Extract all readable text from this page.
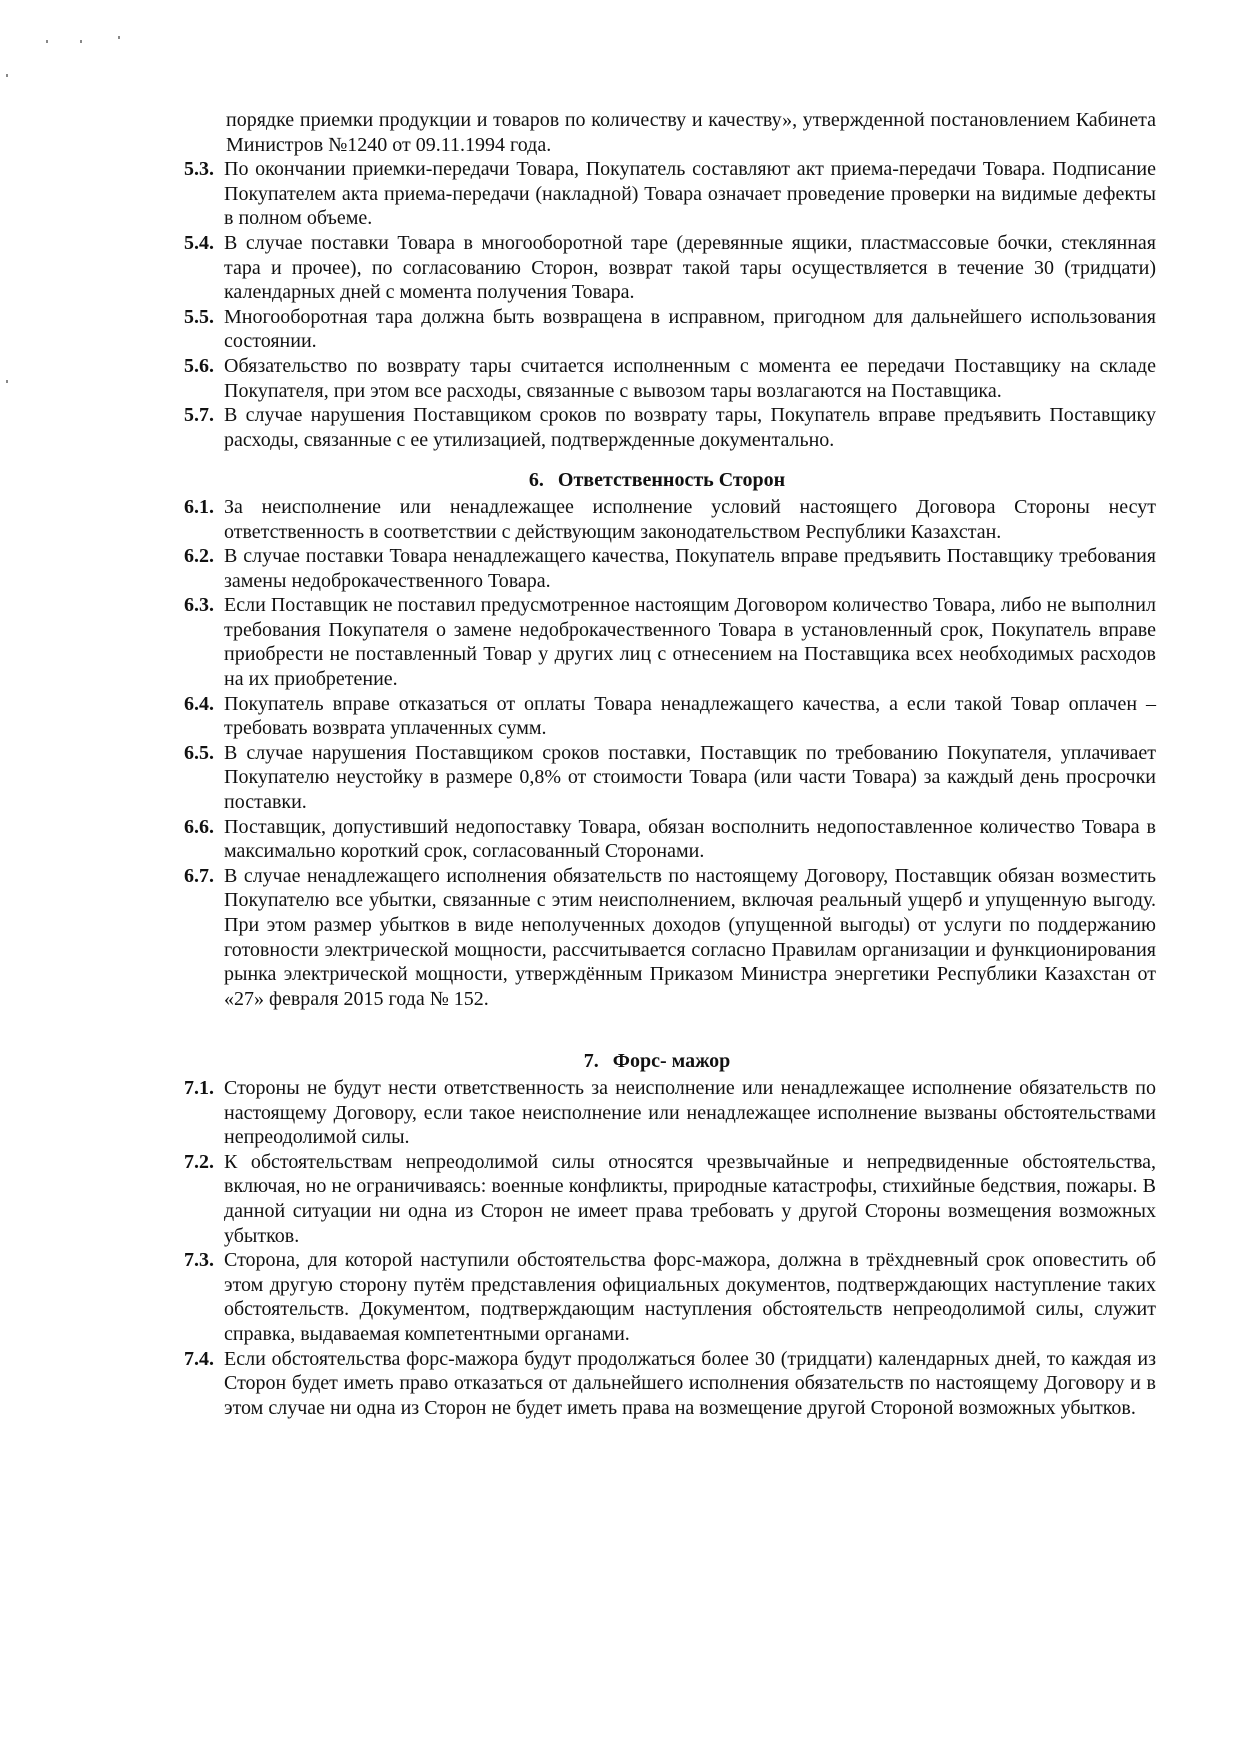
порядке приемки продукции и товаров по количеству и качеству», утвержденной постановлением Кабинета Министров №1240 от 09.11.1994 года.

5.3. По окончании приемки-передачи Товара, Покупатель составляют акт приема-передачи Товара. Подписание Покупателем акта приема-передачи (накладной) Товара означает проведение проверки на видимые дефекты в полном объеме.
5.4. В случае поставки Товара в многооборотной таре (деревянные ящики, пластмассовые бочки, стеклянная тара и прочее), по согласованию Сторон, возврат такой тары осуществляется в течение 30 (тридцати) календарных дней с момента получения Товара.
5.5. Многооборотная тара должна быть возвращена в исправном, пригодном для дальнейшего использования состоянии.
5.6. Обязательство по возврату тары считается исполненным с момента ее передачи Поставщику на складе Покупателя, при этом все расходы, связанные с вывозом тары возлагаются на Поставщика.
5.7. В случае нарушения Поставщиком сроков по возврату тары, Покупатель вправе предъявить Поставщику расходы, связанные с ее утилизацией, подтвержденные документально.
6. Ответственность Сторон
6.1. За неисполнение или ненадлежащее исполнение условий настоящего Договора Стороны несут ответственность в соответствии с действующим законодательством Республики Казахстан.
6.2. В случае поставки Товара ненадлежащего качества, Покупатель вправе предъявить Поставщику требования замены недоброкачественного Товара.
6.3. Если Поставщик не поставил предусмотренное настоящим Договором количество Товара, либо не выполнил требования Покупателя о замене недоброкачественного Товара в установленный срок, Покупатель вправе приобрести не поставленный Товар у других лиц с отнесением на Поставщика всех необходимых расходов на их приобретение.
6.4. Покупатель вправе отказаться от оплаты Товара ненадлежащего качества, а если такой Товар оплачен – требовать возврата уплаченных сумм.
6.5. В случае нарушения Поставщиком сроков поставки, Поставщик по требованию Покупателя, уплачивает Покупателю неустойку в размере 0,8% от стоимости Товара (или части Товара) за каждый день просрочки поставки.
6.6. Поставщик, допустивший недопоставку Товара, обязан восполнить недопоставленное количество Товара в максимально короткий срок, согласованный Сторонами.
6.7. В случае ненадлежащего исполнения обязательств по настоящему Договору, Поставщик обязан возместить Покупателю все убытки, связанные с этим неисполнением, включая реальный ущерб и упущенную выгоду. При этом размер убытков в виде неполученных доходов (упущенной выгоды) от услуги по поддержанию готовности электрической мощности, рассчитывается согласно Правилам организации и функционирования рынка электрической мощности, утверждённым Приказом Министра энергетики Республики Казахстан от «27» февраля 2015 года № 152.
7. Форс- мажор
7.1. Стороны не будут нести ответственность за неисполнение или ненадлежащее исполнение обязательств по настоящему Договору, если такое неисполнение или ненадлежащее исполнение вызваны обстоятельствами непреодолимой силы.
7.2. К обстоятельствам непреодолимой силы относятся чрезвычайные и непредвиденные обстоятельства, включая, но не ограничиваясь: военные конфликты, природные катастрофы, стихийные бедствия, пожары. В данной ситуации ни одна из Сторон не имеет права требовать у другой Стороны возмещения возможных убытков.
7.3. Сторона, для которой наступили обстоятельства форс-мажора, должна в трёхдневный срок оповестить об этом другую сторону путём представления официальных документов, подтверждающих наступление таких обстоятельств. Документом, подтверждающим наступления обстоятельств непреодолимой силы, служит справка, выдаваемая компетентными органами.
7.4. Если обстоятельства форс-мажора будут продолжаться более 30 (тридцати) календарных дней, то каждая из Сторон будет иметь право отказаться от дальнейшего исполнения обязательств по настоящему Договору и в этом случае ни одна из Сторон не будет иметь права на возмещение другой Стороной возможных убытков.
